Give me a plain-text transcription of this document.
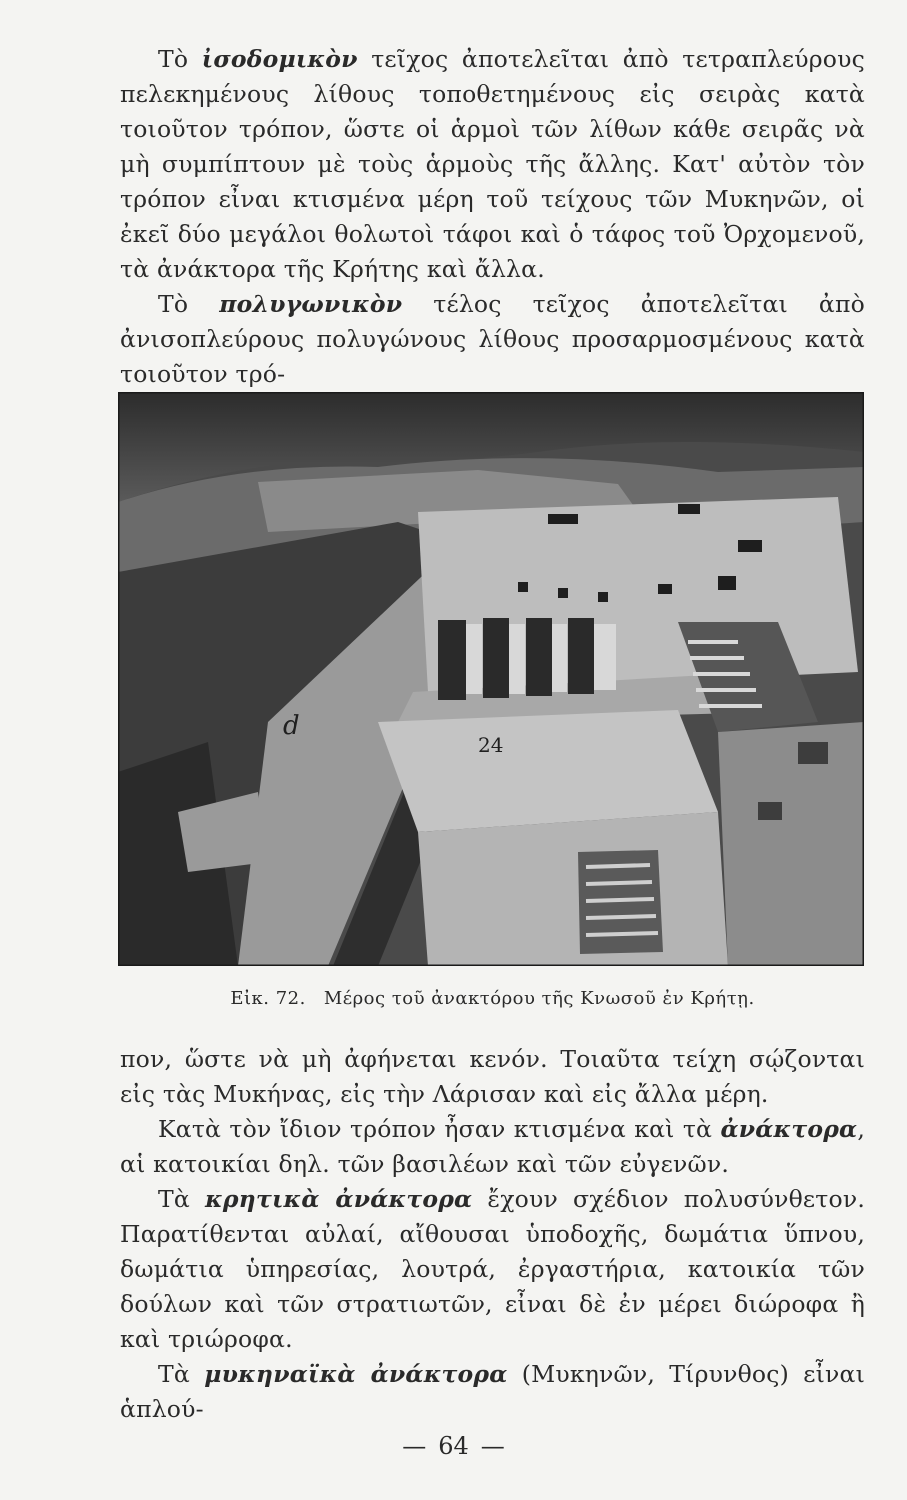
Τὸ ἰσοδομικὸν τεῖχος ἀποτελεῖται ἀπὸ τετραπλεύρους πελεκημένους λίθους τοποθετημένους εἰς σειρὰς κατὰ τοιοῦτον τρόπον, ὥστε οἱ ἁρμοὶ τῶν λίθων κάθε σειρᾶς νὰ μὴ συμπίπτουν μὲ τοὺς ἁρμοὺς τῆς ἄλλης. Κατ' αὐτὸν τὸν τρόπον εἶναι κτισμένα μέρη τοῦ τείχους τῶν Μυκηνῶν, οἱ ἐκεῖ δύο μεγάλοι θολωτοὶ τάφοι καὶ ὁ τάφος τοῦ Ὀρχομενοῦ, τὰ ἀνάκτορα τῆς Κρήτης καὶ ἄλλα.

Τὸ πολυγωνικὸν τέλος τεῖχος ἀποτελεῖται ἀπὸ ἀνισοπλεύρους πολυγώνους λίθους προσαρμοσμένους κατὰ τοιοῦτον τρό-

d
24
Εἰκ. 72. Μέρος τοῦ ἀνακτόρου τῆς Κνωσοῦ ἐν Κρήτῃ.

πον, ὥστε νὰ μὴ ἀφήνεται κενόν. Τοιαῦτα τείχη σῴζονται εἰς τὰς Μυκήνας, εἰς τὴν Λάρισαν καὶ εἰς ἄλλα μέρη.

Κατὰ τὸν ἴδιον τρόπον ἦσαν κτισμένα καὶ τὰ ἀνάκτορα, αἱ κατοικίαι δηλ. τῶν βασιλέων καὶ τῶν εὐγενῶν.

Τὰ κρητικὰ ἀνάκτορα ἔχουν σχέδιον πολυσύνθετον. Παρατίθενται αὐλαί, αἴθουσαι ὑποδοχῆς, δωμάτια ὕπνου, δωμάτια ὑπηρεσίας, λουτρά, ἐργαστήρια, κατοικία τῶν δούλων καὶ τῶν στρατιωτῶν, εἶναι δὲ ἐν μέρει διώροφα ἢ καὶ τριώροφα.

Τὰ μυκηναϊκὰ ἀνάκτορα (Μυκηνῶν, Τίρυνθος) εἶναι ἁπλού-

— 64 —
